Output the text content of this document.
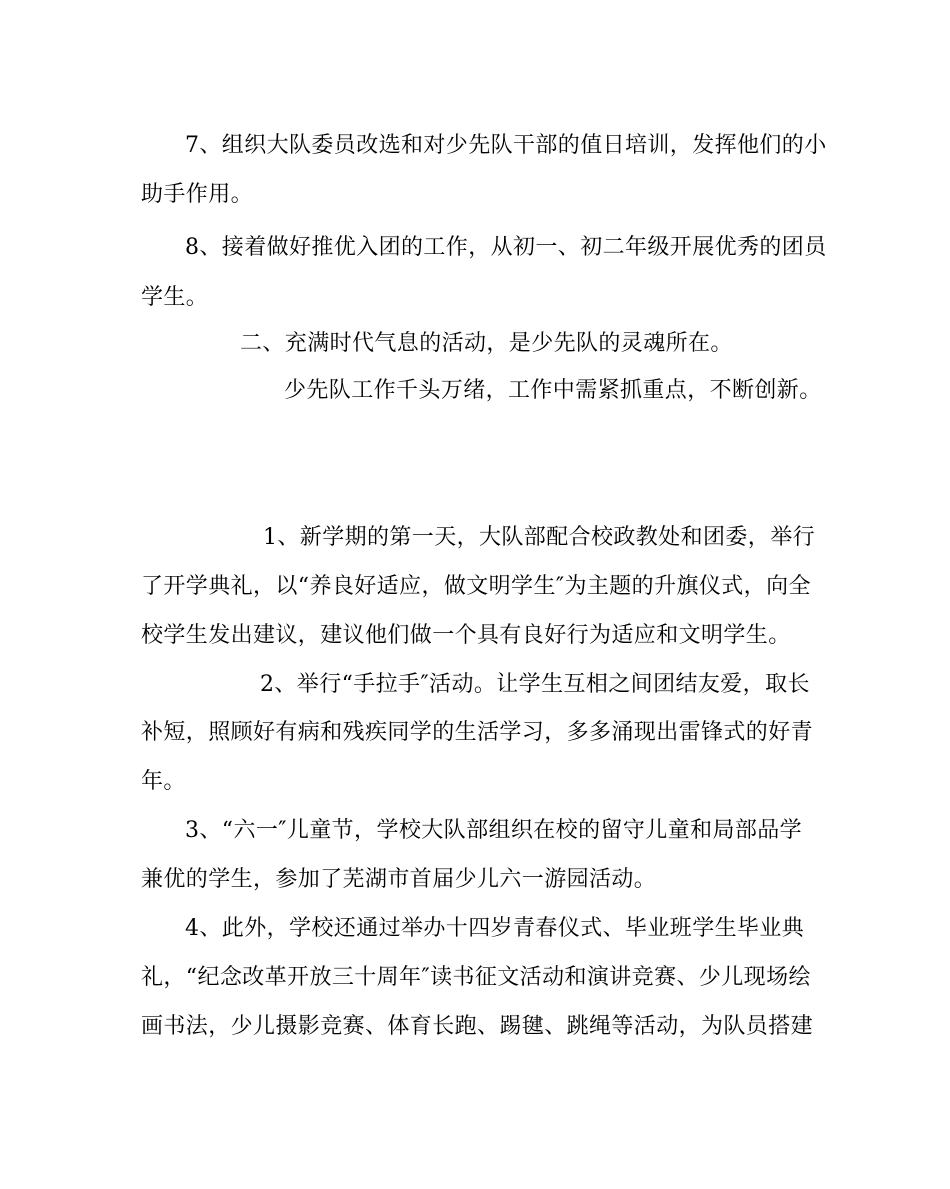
7、组织大队委员改选和对少先队干部的值日培训，发挥他们的小
助手作用。
8、接着做好推优入团的工作，从初一、初二年级开展优秀的团员
学生。
二、充满时代气息的活动，是少先队的灵魂所在。
少先队工作千头万绪，工作中需紧抓重点，不断创新。
1、新学期的第一天，大队部配合校政教处和团委，举行
了开学典礼，以“养良好适应，做文明学生″为主题的升旗仪式，向全
校学生发出建议，建议他们做一个具有良好行为适应和文明学生。
2、举行“手拉手″活动。让学生互相之间团结友爱，取长
补短，照顾好有病和残疾同学的生活学习，多多涌现出雷锋式的好青
年。
3、“六一″儿童节，学校大队部组织在校的留守儿童和局部品学
兼优的学生，参加了芜湖市首届少儿六一游园活动。
4、此外，学校还通过举办十四岁青春仪式、毕业班学生毕业典
礼，“纪念改革开放三十周年″读书征文活动和演讲竞赛、少儿现场绘
画书法，少儿摄影竞赛、体育长跑、踢毽、跳绳等活动，为队员搭建
